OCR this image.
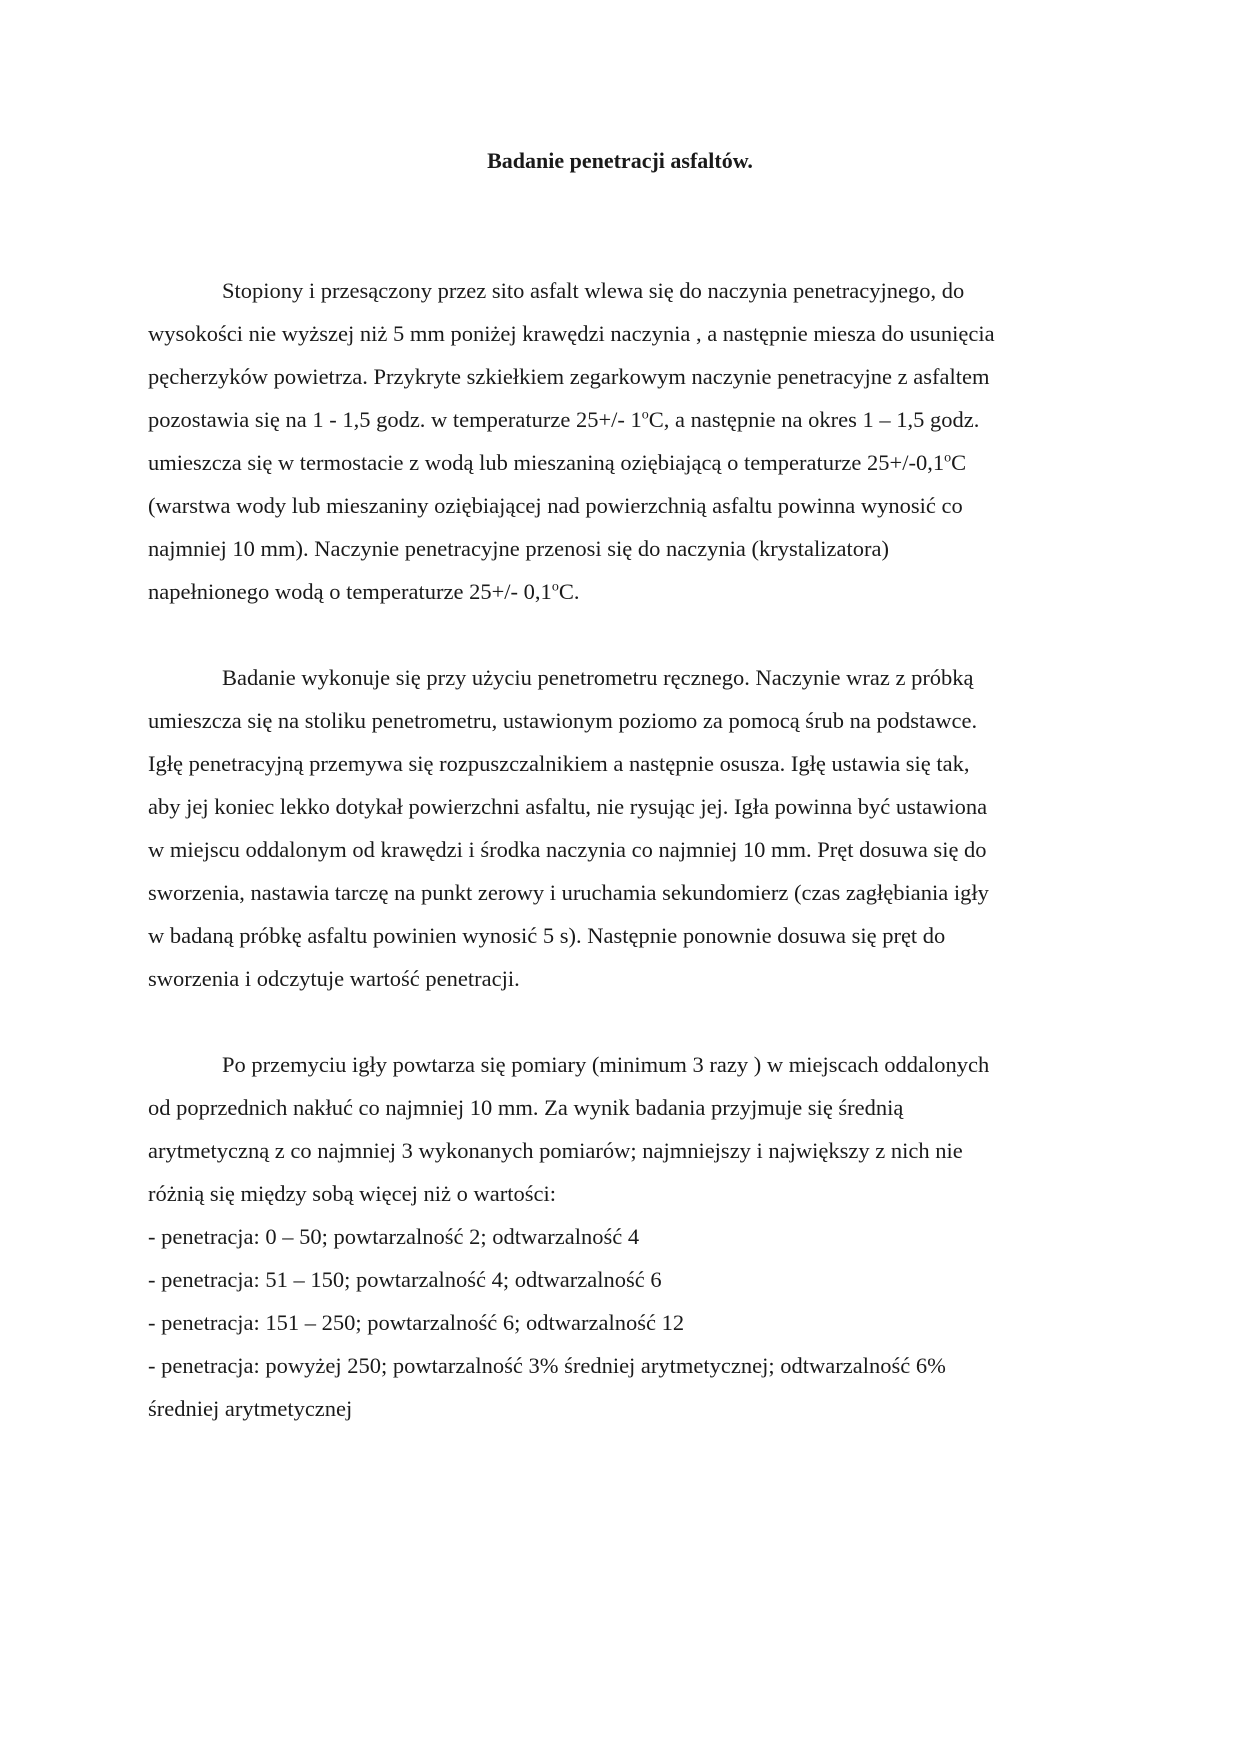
Badanie penetracji asfaltów.
Stopiony i przesączony przez sito asfalt wlewa się do naczynia penetracyjnego, do
wysokości nie wyższej niż 5 mm poniżej krawędzi naczynia , a następnie miesza do usunięcia
pęcherzyków powietrza. Przykryte szkiełkiem zegarkowym naczynie penetracyjne z asfaltem
pozostawia się na 1 - 1,5 godz. w temperaturze 25+/- 1$^o$C, a następnie na okres 1 – 1,5 godz.
umieszcza się w termostacie z wodą lub mieszaniną oziębiającą o temperaturze $25+/-0,1^oC$
(warstwa wody lub mieszaniny oziębiającej nad powierzchnią asfaltu powinna wynosić co
najmniej 10 mm). Naczynie penetracyjne przenosi się do naczynia (krystalizatora)
napełnionego wodą o temperaturze 25+/- 0,1$^o$C.
Badanie wykonuje się przy użyciu penetrometru ręcznego. Naczynie wraz z próbką
umieszcza się na stoliku penetrometru, ustawionym poziomo za pomocą śrub na podstawce.
Igłę penetracyjną przemywa się rozpuszczalnikiem a następnie osusza. Igłę ustawia się tak,
aby jej koniec lekko dotykał powierzchni asfaltu, nie rysując jej. Igła powinna być ustawiona
w miejscu oddalonym od krawędzi i środka naczynia co najmniej 10 mm. Pręt dosuwa się do
sworzenia, nastawia tarczę na punkt zerowy i uruchamia sekundomierz (czas zagłębiania igły
w badaną próbkę asfaltu powinien wynosić 5 s). Następnie ponownie dosuwa się pręt do
sworzenia i odczytuje wartość penetracji.
Po przemyciu igły powtarza się pomiary (minimum 3 razy ) w miejscach oddalonych
od poprzednich nakłuć co najmniej 10 mm. Za wynik badania przyjmuje się średnią
arytmetyczną z co najmniej 3 wykonanych pomiarów; najmniejszy i największy z nich nie
różnią się między sobą więcej niż o wartości:
- penetracja: 0 – 50; powtarzalność 2; odtwarzalność 4
- penetracja: 51 – 150; powtarzalność 4; odtwarzalność 6
- penetracja: 151 – 250; powtarzalność 6; odtwarzalność 12
- penetracja: powyżej 250; powtarzalność 3% średniej arytmetycznej; odtwarzalność 6%
średniej arytmetycznej
